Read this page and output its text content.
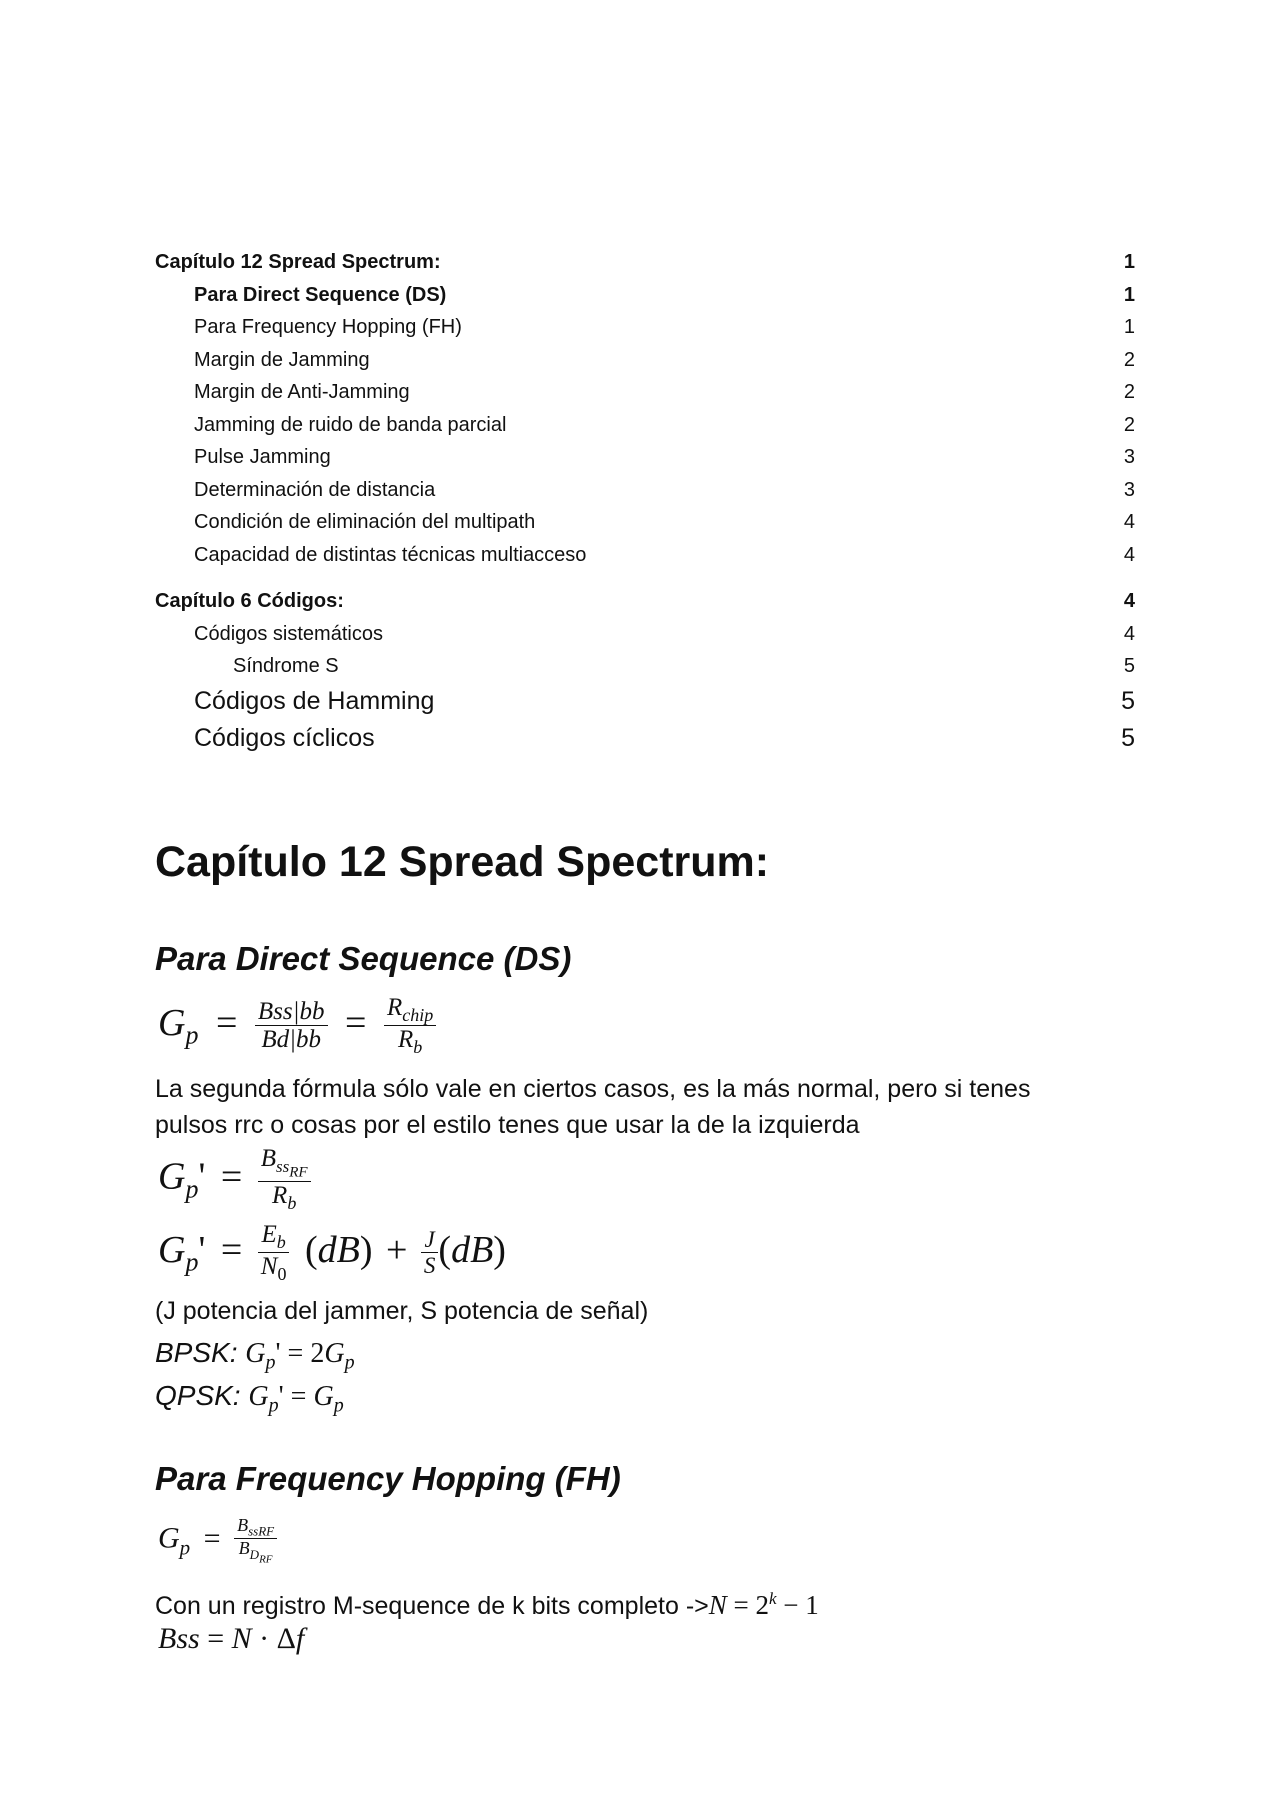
Capítulo 12 Spread Spectrum:	1
Para Direct Sequence (DS)	1
Para Frequency Hopping (FH)	1
Margin de Jamming	2
Margin de Anti-Jamming	2
Jamming de ruido de banda parcial	2
Pulse Jamming	3
Determinación de distancia	3
Condición de eliminación del multipath	4
Capacidad de distintas técnicas multiacceso	4
Capítulo 6 Códigos:	4
Códigos sistemáticos	4
Síndrome S	5
Códigos de Hamming	5
Códigos cíclicos	5
Capítulo 12 Spread Spectrum:
Para Direct Sequence (DS)
$G_p = \frac{\text{Bss|bb}}{Bd|bb} = \frac{R_{chip}}{R_b}$
La segunda fórmula sólo vale en ciertos casos, es la más normal, pero si tenes
pulsos rrc o cosas por el estilo tenes que usar la de la izquierda
$G_p' = \frac{B_{ss_{RF}}}{R_b}$
$G_p' = \frac{E_b}{N_0} (dB) + \frac{J}{S} (dB)$
(J potencia del jammer, S potencia de señal)
BPSK: $G_p' = 2G_p$
QPSK: $G_p' = G_p$
Para Frequency Hopping (FH)
$G_p = \frac{B_{ssRF}}{B_{D_{RF}}}$
Con un registro M-sequence de k bits completo $->N = 2^k - 1$
Bss = N · Δf
